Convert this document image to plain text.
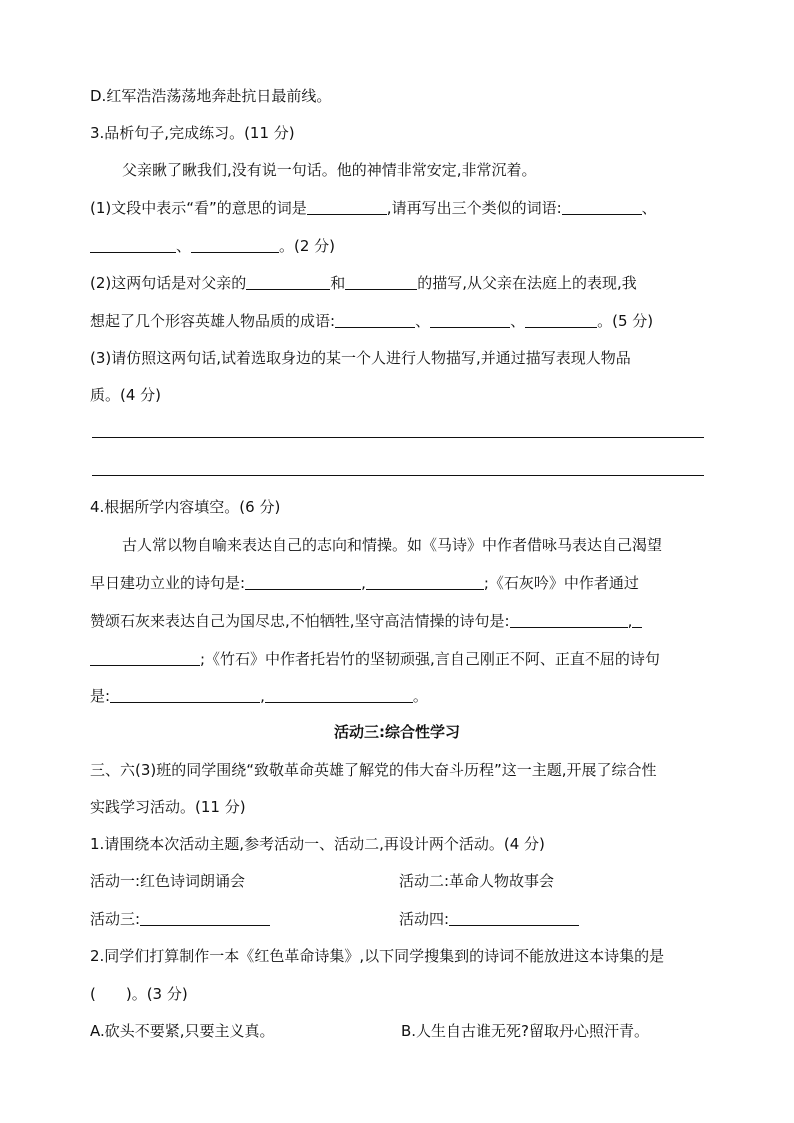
D.红军浩浩荡荡地奔赴抗日最前线。
3.品析句子,完成练习。(11 分)
父亲瞅了瞅我们,没有说一句话。他的神情非常安定,非常沉着。
(1)文段中表示“看”的意思的词是	,请再写出三个类似的词语:	、
、	。(2 分)
(2)这两句话是对父亲的	和	的描写,从父亲在法庭上的表现,我
想起了几个形容英雄人物品质的成语:	、	、	。(5 分)
(3)请仿照这两句话,试着选取身边的某一个人进行人物描写,并通过描写表现人物品
质。(4 分)
4.根据所学内容填空。(6 分)
古人常以物自喻来表达自己的志向和情操。如《马诗》中作者借咏马表达自己渴望
早日建功立业的诗句是:	,	;《石灰吟》中作者通过
赞颂石灰来表达自己为国尽忠,不怕牺牲,坚守高洁情操的诗句是:	,
;《竹石》中作者托岩竹的坚韧顽强,言自己刚正不阿、正直不屈的诗句
是:	,	。
活动三:综合性学习
三、六(3)班的同学围绕“致敬革命英雄了解党的伟大奋斗历程”这一主题,开展了综合性
实践学习活动。(11 分)
1.请围绕本次活动主题,参考活动一、活动二,再设计两个活动。(4 分)
活动一:红色诗词朗诵会	活动二:革命人物故事会
活动三:	活动四:
2.同学们打算制作一本《红色革命诗集》,以下同学搜集到的诗词不能放进这本诗集的是
(　　)。(3 分)
A.砍头不要紧,只要主义真。	B.人生自古谁无死?留取丹心照汗青。
